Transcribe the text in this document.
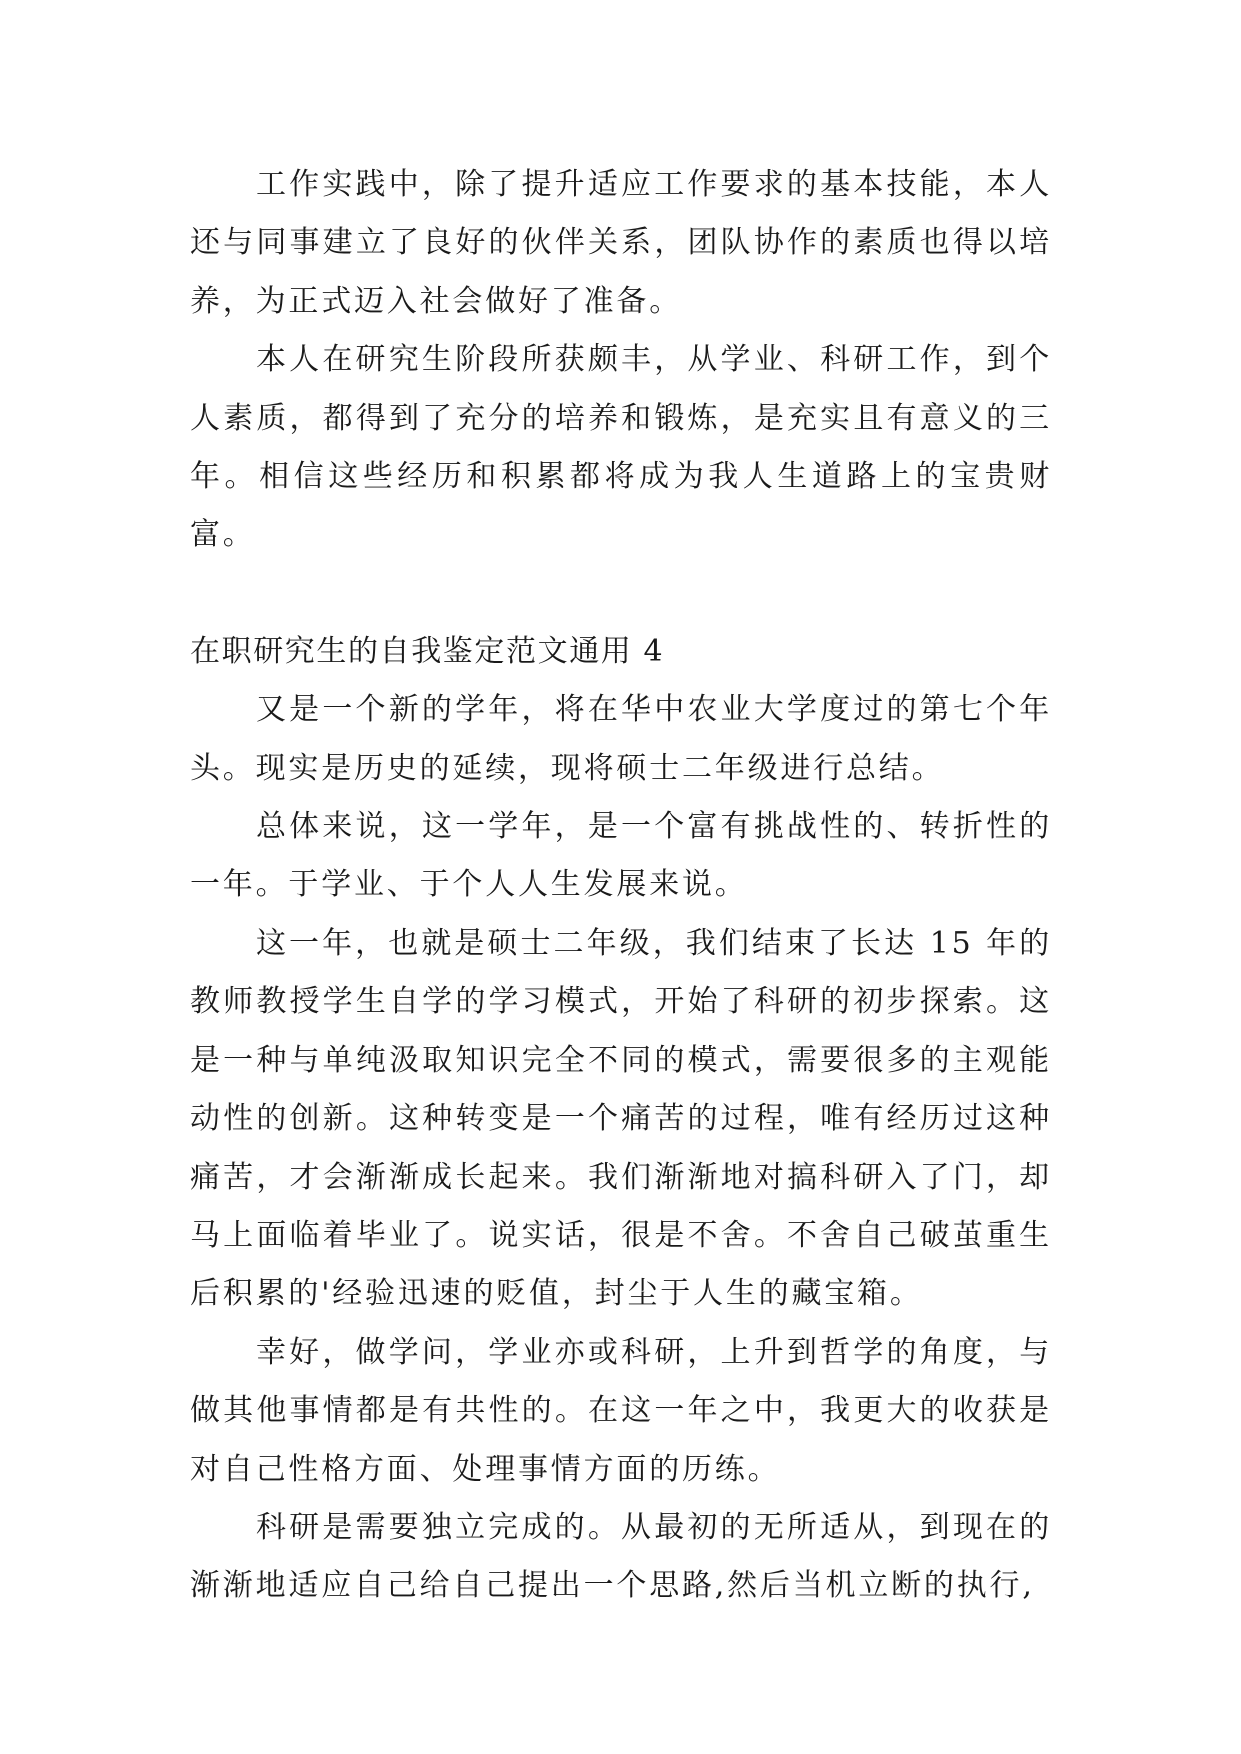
工作实践中，除了提升适应工作要求的基本技能，本人还与同事建立了良好的伙伴关系，团队协作的素质也得以培养，为正式迈入社会做好了准备。

本人在研究生阶段所获颇丰，从学业、科研工作，到个人素质，都得到了充分的培养和锻炼，是充实且有意义的三年。相信这些经历和积累都将成为我人生道路上的宝贵财富。

在职研究生的自我鉴定范文通用 4

又是一个新的学年，将在华中农业大学度过的第七个年头。现实是历史的延续，现将硕士二年级进行总结。

总体来说，这一学年，是一个富有挑战性的、转折性的一年。于学业、于个人人生发展来说。

这一年，也就是硕士二年级，我们结束了长达 15 年的教师教授学生自学的学习模式，开始了科研的初步探索。这是一种与单纯汲取知识完全不同的模式，需要很多的主观能动性的创新。这种转变是一个痛苦的过程，唯有经历过这种痛苦，才会渐渐成长起来。我们渐渐地对搞科研入了门，却马上面临着毕业了。说实话，很是不舍。不舍自己破茧重生后积累的'经验迅速的贬值，封尘于人生的藏宝箱。

幸好，做学问，学业亦或科研，上升到哲学的角度，与做其他事情都是有共性的。在这一年之中，我更大的收获是对自己性格方面、处理事情方面的历练。

科研是需要独立完成的。从最初的无所适从，到现在的渐渐地适应自己给自己提出一个思路,然后当机立断的执行,
